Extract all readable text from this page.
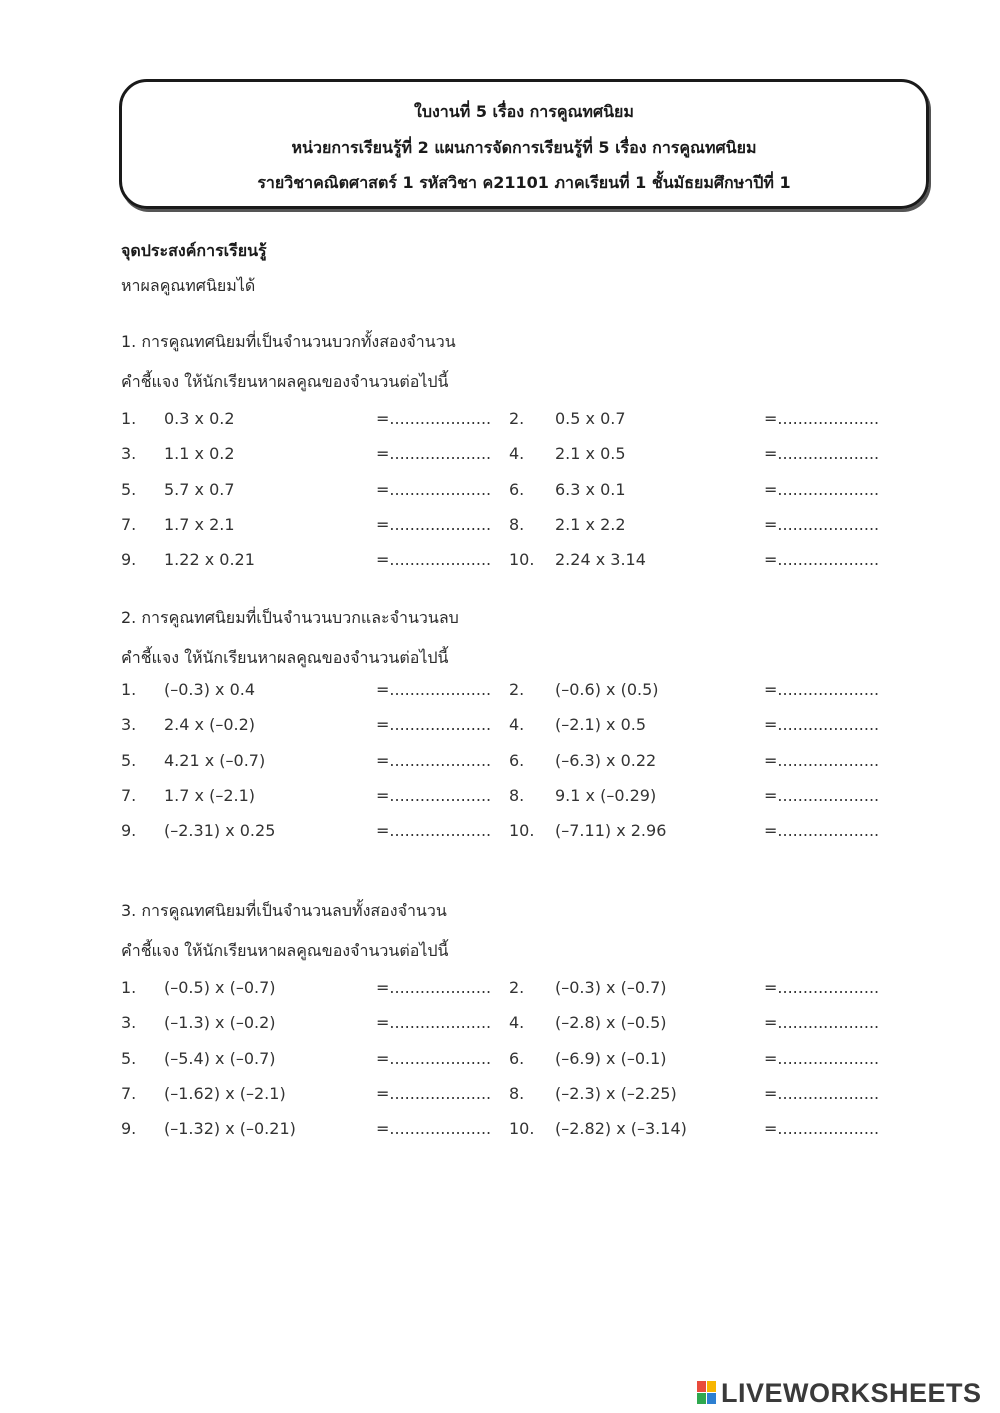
ใบงานที่ 5 เรื่อง การคูณทศนิยม
หน่วยการเรียนรู้ที่ 2 แผนการจัดการเรียนรู้ที่ 5 เรื่อง การคูณทศนิยม
รายวิชาคณิตศาสตร์ 1 รหัสวิชา ค21101 ภาคเรียนที่ 1 ชั้นมัธยมศึกษาปีที่ 1
จุดประสงค์การเรียนรู้
หาผลคูณทศนิยมได้
1. การคูณทศนิยมที่เป็นจำนวนบวกทั้งสองจำนวน
คำชี้แจง ให้นักเรียนหาผลคูณของจำนวนต่อไปนี้
1. 0.3 x 0.2	=.................... 2. 0.5 x 0.7	=....................
3. 1.1 x 0.2	=.................... 4. 2.1 x 0.5	=....................
5. 5.7 x 0.7	=.................... 6. 6.3 x 0.1	=....................
7. 1.7 x 2.1	=.................... 8. 2.1 x 2.2	=....................
9. 1.22 x 0.21	=.................... 10. 2.24 x 3.14	=....................
2. การคูณทศนิยมที่เป็นจำนวนบวกและจำนวนลบ
คำชี้แจง ให้นักเรียนหาผลคูณของจำนวนต่อไปนี้
1. (–0.3) x 0.4	=.................... 2. (–0.6) x (0.5)	=....................
3. 2.4 x (–0.2)	=.................... 4. (–2.1) x 0.5	=....................
5. 4.21 x (–0.7)	=.................... 6. (–6.3) x 0.22	=....................
7. 1.7 x (–2.1)	=.................... 8. 9.1 x (–0.29)	=....................
9. (–2.31) x 0.25	=.................... 10. (–7.11) x 2.96	=....................
3. การคูณทศนิยมที่เป็นจำนวนลบทั้งสองจำนวน
คำชี้แจง ให้นักเรียนหาผลคูณของจำนวนต่อไปนี้
1. (–0.5) x (–0.7)	=.................... 2. (–0.3) x (–0.7)	=....................
3. (–1.3) x (–0.2)	=.................... 4. (–2.8) x (–0.5)	=....................
5. (–5.4) x (–0.7)	=.................... 6. (–6.9) x (–0.1)	=....................
7. (–1.62) x (–2.1)	=.................... 8. (–2.3) x (–2.25)	=....................
9. (–1.32) x (–0.21)	=.................... 10. (–2.82) x (–3.14)	=....................
LIVEWORKSHEETS
